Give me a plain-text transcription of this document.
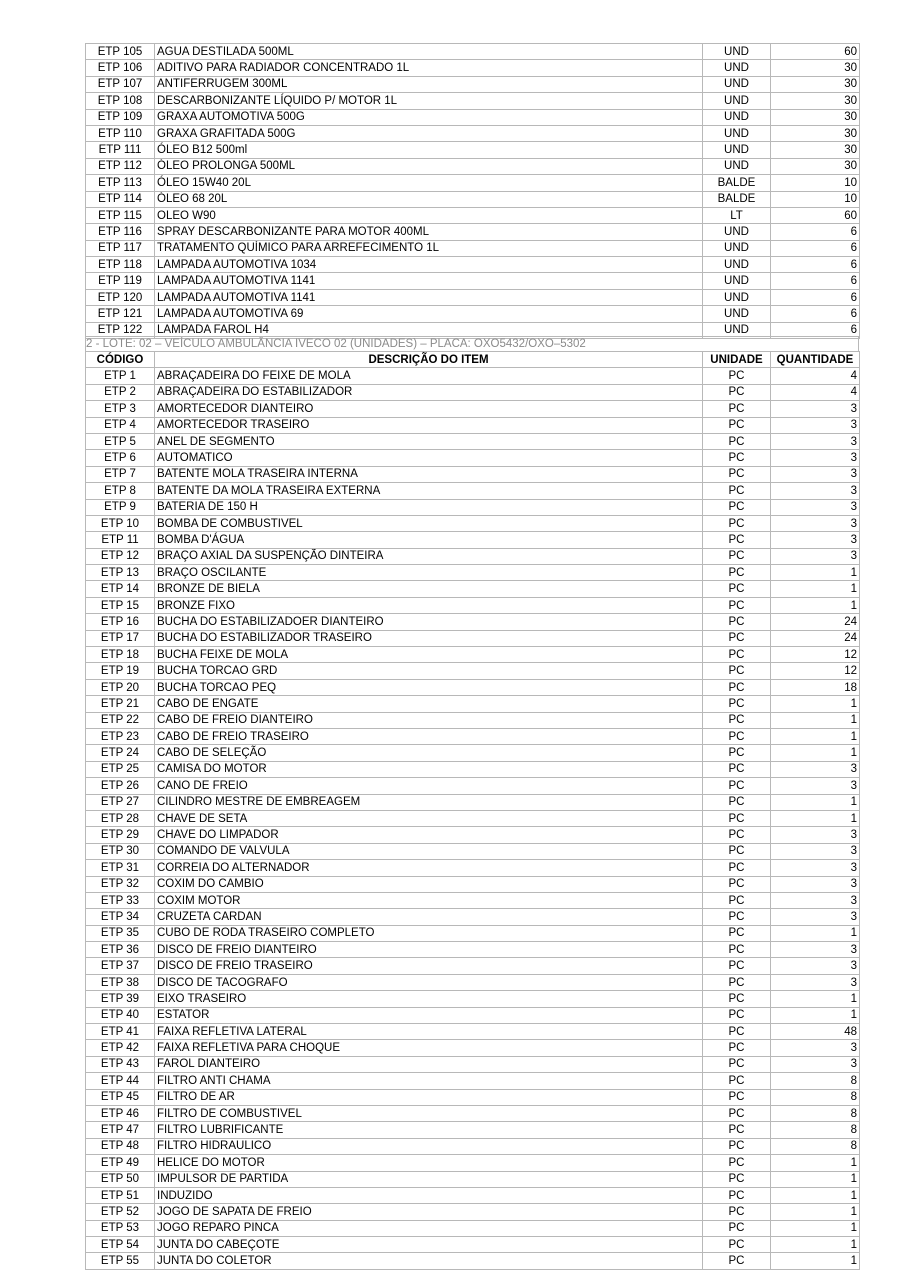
ETP 105	AGUA DESTILADA 500ML	UND	60
ETP 106	ADITIVO PARA RADIADOR CONCENTRADO 1L	UND	30
ETP 107	ANTIFERRUGEM 300ML	UND	30
ETP 108	DESCARBONIZANTE LÍQUIDO P/ MOTOR 1L	UND	30
ETP 109	GRAXA AUTOMOTIVA 500G	UND	30
ETP 110	GRAXA GRAFITADA 500G	UND	30
ETP 111	ÓLEO B12 500ml	UND	30
ETP 112	ÓLEO PROLONGA 500ML	UND	30
ETP 113	ÓLEO 15W40 20L	BALDE	10
ETP 114	ÓLEO 68 20L	BALDE	10
ETP 115	OLEO W90	LT	60
ETP 116	SPRAY DESCARBONIZANTE PARA MOTOR 400ML	UND	6
ETP 117	TRATAMENTO QUÍMICO PARA ARREFECIMENTO 1L	UND	6
ETP 118	LAMPADA AUTOMOTIVA 1034	UND	6
ETP 119	LAMPADA AUTOMOTIVA 1141	UND	6
ETP 120	LAMPADA AUTOMOTIVA 1141	UND	6
ETP 121	LAMPADA AUTOMOTIVA 69	UND	6
ETP 122	LAMPADA FAROL H4	UND	6
2 - LOTE: 02 – VEÍCULO AMBULÂNCIA IVECO 02 (UNIDADES) – PLACA: OXO5432/OXO–5302
CÓDIGO	DESCRIÇÃO DO ITEM	UNIDADE	QUANTIDADE
ETP 1	ABRAÇADEIRA DO FEIXE DE MOLA	PC	4
ETP 2	ABRAÇADEIRA DO ESTABILIZADOR	PC	4
ETP 3	AMORTECEDOR DIANTEIRO	PC	3
ETP 4	AMORTECEDOR TRASEIRO	PC	3
ETP 5	ANEL DE SEGMENTO	PC	3
ETP 6	AUTOMATICO	PC	3
ETP 7	BATENTE MOLA TRASEIRA INTERNA	PC	3
ETP 8	BATENTE DA MOLA TRASEIRA EXTERNA	PC	3
ETP 9	BATERIA DE 150 H	PC	3
ETP 10	BOMBA DE COMBUSTIVEL	PC	3
ETP 11	BOMBA D'ÁGUA	PC	3
ETP 12	BRAÇO AXIAL DA SUSPENÇÃO DINTEIRA	PC	3
ETP 13	BRAÇO OSCILANTE	PC	1
ETP 14	BRONZE DE BIELA	PC	1
ETP 15	BRONZE FIXO	PC	1
ETP 16	BUCHA DO ESTABILIZADOER DIANTEIRO	PC	24
ETP 17	BUCHA DO ESTABILIZADOR TRASEIRO	PC	24
ETP 18	BUCHA FEIXE DE MOLA	PC	12
ETP 19	BUCHA TORCAO GRD	PC	12
ETP 20	BUCHA TORCAO PEQ	PC	18
ETP 21	CABO DE ENGATE	PC	1
ETP 22	CABO DE FREIO DIANTEIRO	PC	1
ETP 23	CABO DE FREIO TRASEIRO	PC	1
ETP 24	CABO DE SELEÇÃO	PC	1
ETP 25	CAMISA DO MOTOR	PC	3
ETP 26	CANO DE FREIO	PC	3
ETP 27	CILINDRO MESTRE DE EMBREAGEM	PC	1
ETP 28	CHAVE DE SETA	PC	1
ETP 29	CHAVE DO LIMPADOR	PC	3
ETP 30	COMANDO DE VALVULA	PC	3
ETP 31	CORREIA DO ALTERNADOR	PC	3
ETP 32	COXIM DO CAMBIO	PC	3
ETP 33	COXIM MOTOR	PC	3
ETP 34	CRUZETA CARDAN	PC	3
ETP 35	CUBO DE RODA TRASEIRO COMPLETO	PC	1
ETP 36	DISCO DE FREIO DIANTEIRO	PC	3
ETP 37	DISCO DE FREIO TRASEIRO	PC	3
ETP 38	DISCO DE TACOGRAFO	PC	3
ETP 39	EIXO TRASEIRO	PC	1
ETP 40	ESTATOR	PC	1
ETP 41	FAIXA REFLETIVA LATERAL	PC	48
ETP 42	FAIXA REFLETIVA PARA CHOQUE	PC	3
ETP 43	FAROL DIANTEIRO	PC	3
ETP 44	FILTRO ANTI CHAMA	PC	8
ETP 45	FILTRO DE AR	PC	8
ETP 46	FILTRO DE COMBUSTIVEL	PC	8
ETP 47	FILTRO LUBRIFICANTE	PC	8
ETP 48	FILTRO HIDRAULICO	PC	8
ETP 49	HELICE DO MOTOR	PC	1
ETP 50	IMPULSOR DE PARTIDA	PC	1
ETP 51	INDUZIDO	PC	1
ETP 52	JOGO DE SAPATA DE FREIO	PC	1
ETP 53	JOGO REPARO PINCA	PC	1
ETP 54	JUNTA DO CABEÇOTE	PC	1
ETP 55	JUNTA DO COLETOR	PC	1
